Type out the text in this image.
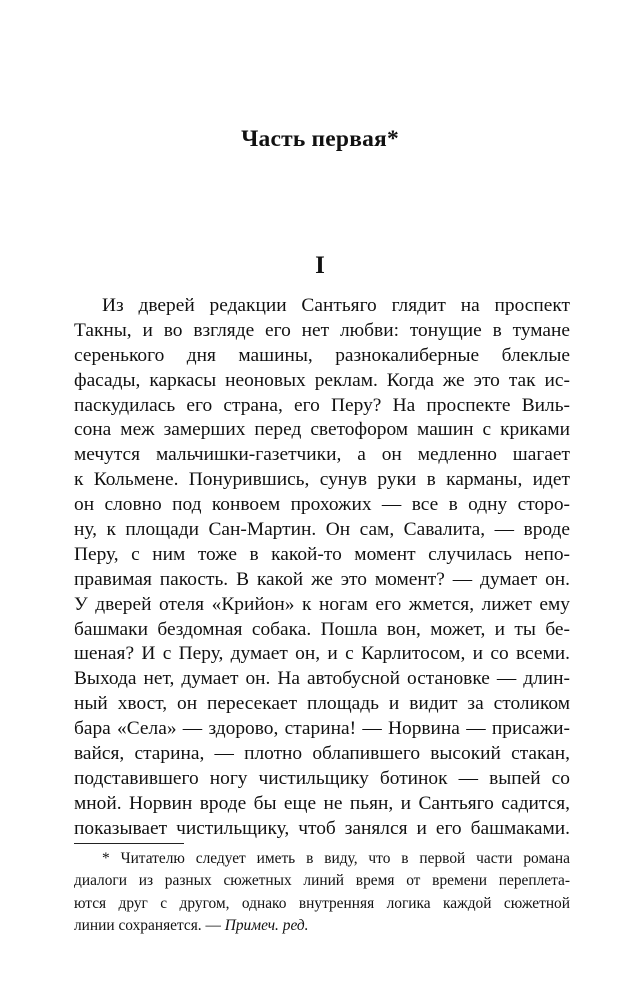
Часть первая*
I
Из дверей редакции Сантьяго глядит на проспект
Такны, и во взгляде его нет любви: тонущие в тумане
серенького дня машины, разнокалиберные блеклые
фасады, каркасы неоновых реклам. Когда же это так ис-
паскудилась его страна, его Перу? На проспекте Виль-
сона меж замерших перед светофором машин с криками
мечутся мальчишки-газетчики, а он медленно шагает
к Кольмене. Понурившись, сунув руки в карманы, идет
он словно под конвоем прохожих — все в одну сторо-
ну, к площади Сан-Мартин. Он сам, Савалита, — вроде
Перу, с ним тоже в какой-то момент случилась непо-
правимая пакость. В какой же это момент? — думает он.
У дверей отеля «Крийон» к ногам его жмется, лижет ему
башмаки бездомная собака. Пошла вон, может, и ты бе-
шеная? И с Перу, думает он, и с Карлитосом, и со всеми.
Выхода нет, думает он. На автобусной остановке — длин-
ный хвост, он пересекает площадь и видит за столиком
бара «Села» — здорово, старина! — Норвина — присажи-
вайся, старина, — плотно облапившего высокий стакан,
подставившего ногу чистильщику ботинок — выпей со
мной. Норвин вроде бы еще не пьян, и Сантьяго садится,
показывает чистильщику, чтоб занялся и его башмаками.
* Читателю следует иметь в виду, что в первой части романа
диалоги из разных сюжетных линий время от времени переплета-
ются друг с другом, однако внутренняя логика каждой сюжетной
линии сохраняется. — Примеч. ред.
